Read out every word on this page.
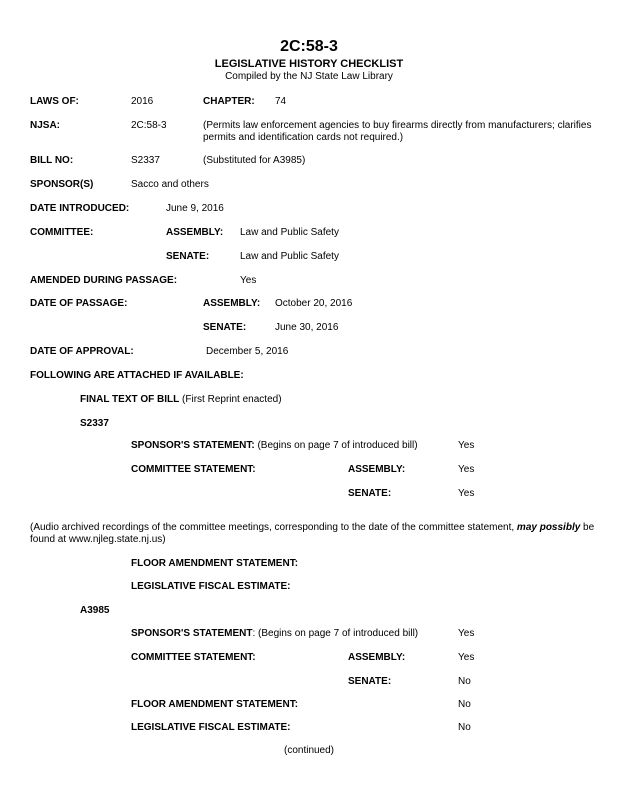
2C:58-3
LEGISLATIVE HISTORY CHECKLIST
Compiled by the NJ State Law Library
LAWS OF:	2016	CHAPTER: 74
NJSA:	2C:58-3	(Permits law enforcement agencies to buy firearms directly from manufacturers; clarifies permits and identification cards not required.)
BILL NO:	S2337	(Substituted for A3985)
SPONSOR(S)	Sacco and others
DATE INTRODUCED:	June 9, 2016
COMMITTEE:	ASSEMBLY: Law and Public Safety
SENATE:	Law and Public Safety
AMENDED DURING PASSAGE:	Yes
DATE OF PASSAGE:	ASSEMBLY: October 20, 2016
SENATE:	June 30, 2016
DATE OF APPROVAL:	December 5, 2016
FOLLOWING ARE ATTACHED IF AVAILABLE:
FINAL TEXT OF BILL (First Reprint enacted)
S2337
SPONSOR'S STATEMENT: (Begins on page 7 of introduced bill)	Yes
COMMITTEE STATEMENT:	ASSEMBLY:	Yes
SENATE:	Yes
(Audio archived recordings of the committee meetings, corresponding to the date of the committee statement, may possibly be found at www.njleg.state.nj.us)
FLOOR AMENDMENT STATEMENT:
LEGISLATIVE FISCAL ESTIMATE:
A3985
SPONSOR'S STATEMENT: (Begins on page 7 of introduced bill)	Yes
COMMITTEE STATEMENT:	ASSEMBLY:	Yes
SENATE:	No
FLOOR AMENDMENT STATEMENT:	No
LEGISLATIVE FISCAL ESTIMATE:	No
(continued)
